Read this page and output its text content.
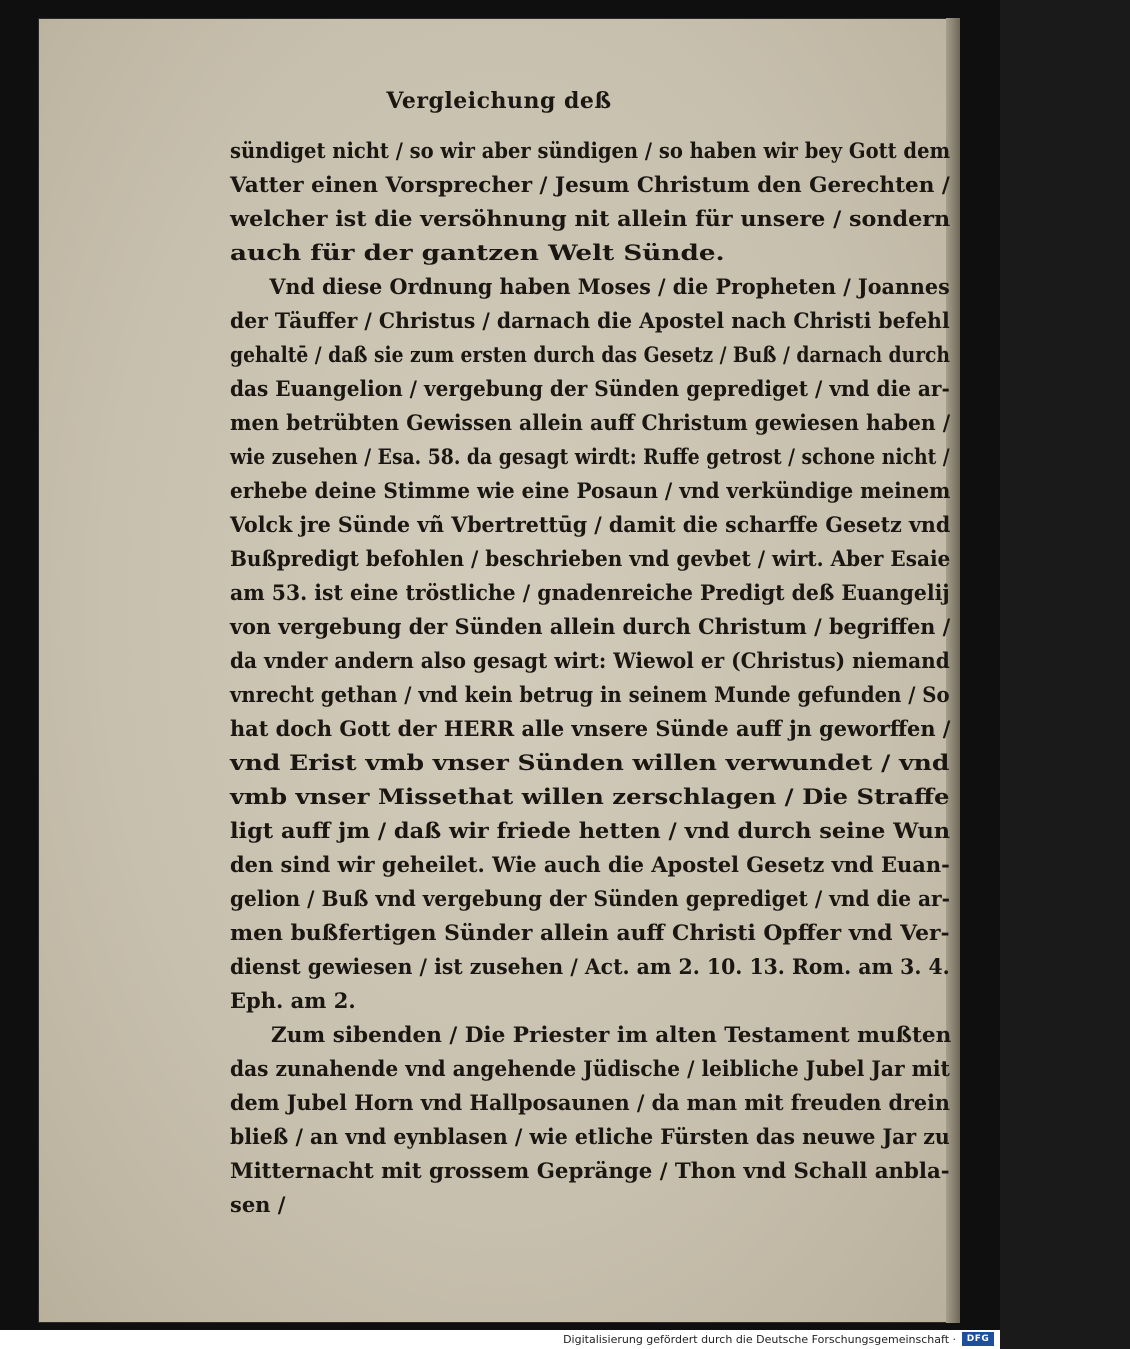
Vergleichung deß
sündiget nicht / so wir aber sündigen / so haben wir bey Gott dem
Vatter einen Vorsprecher / Jesum Christum den Gerechten /
welcher ist die versöhnung nit allein für unsere / sondern
auch für der gantzen Welt Sünde.
Vnd diese Ordnung haben Moses / die Propheten / Joannes
der Täuffer / Christus / darnach die Apostel nach Christi befehl
gehaltē / daß sie zum ersten durch das Gesetz / Buß / darnach durch
das Euangelion / vergebung der Sünden geprediget / vnd die ar-
men betrübten Gewissen allein auff Christum gewiesen haben /
wie zusehen / Esa. 58. da gesagt wirdt: Ruffe getrost / schone nicht /
erhebe deine Stimme wie eine Posaun / vnd verkündige meinem
Volck jre Sünde vñ Vbertrettūg / damit die scharffe Gesetz vnd
Bußpredigt befohlen / beschrieben vnd gevbet / wirt. Aber Esaie
am 53. ist eine tröstliche / gnadenreiche Predigt deß Euangelij
von vergebung der Sünden allein durch Christum / begriffen /
da vnder andern also gesagt wirt: Wiewol er (Christus) niemand
vnrecht gethan / vnd kein betrug in seinem Munde gefunden / So
hat doch Gott der HERR alle vnsere Sünde auff jn geworffen /
vnd Erist vmb vnser Sünden willen verwundet / vnd
vmb vnser Missethat willen zerschlagen / Die Straffe
ligt auff jm / daß wir friede hetten / vnd durch seine Wun
den sind wir geheilet. Wie auch die Apostel Gesetz vnd Euan-
gelion / Buß vnd vergebung der Sünden geprediget / vnd die ar-
men bußfertigen Sünder allein auff Christi Opffer vnd Ver-
dienst gewiesen / ist zusehen / Act. am 2. 10. 13. Rom. am 3. 4.
Eph. am 2.
Zum sibenden / Die Priester im alten Testament mußten
das zunahende vnd angehende Jüdische / leibliche Jubel Jar mit
dem Jubel Horn vnd Hallposaunen / da man mit freuden drein
bließ / an vnd eynblasen / wie etliche Fürsten das neuwe Jar zu
Mitternacht mit grossem Gepränge / Thon vnd Schall anbla-
sen /
Digitalisierung gefördert durch die Deutsche Forschungsgemeinschaft ·	DFG
